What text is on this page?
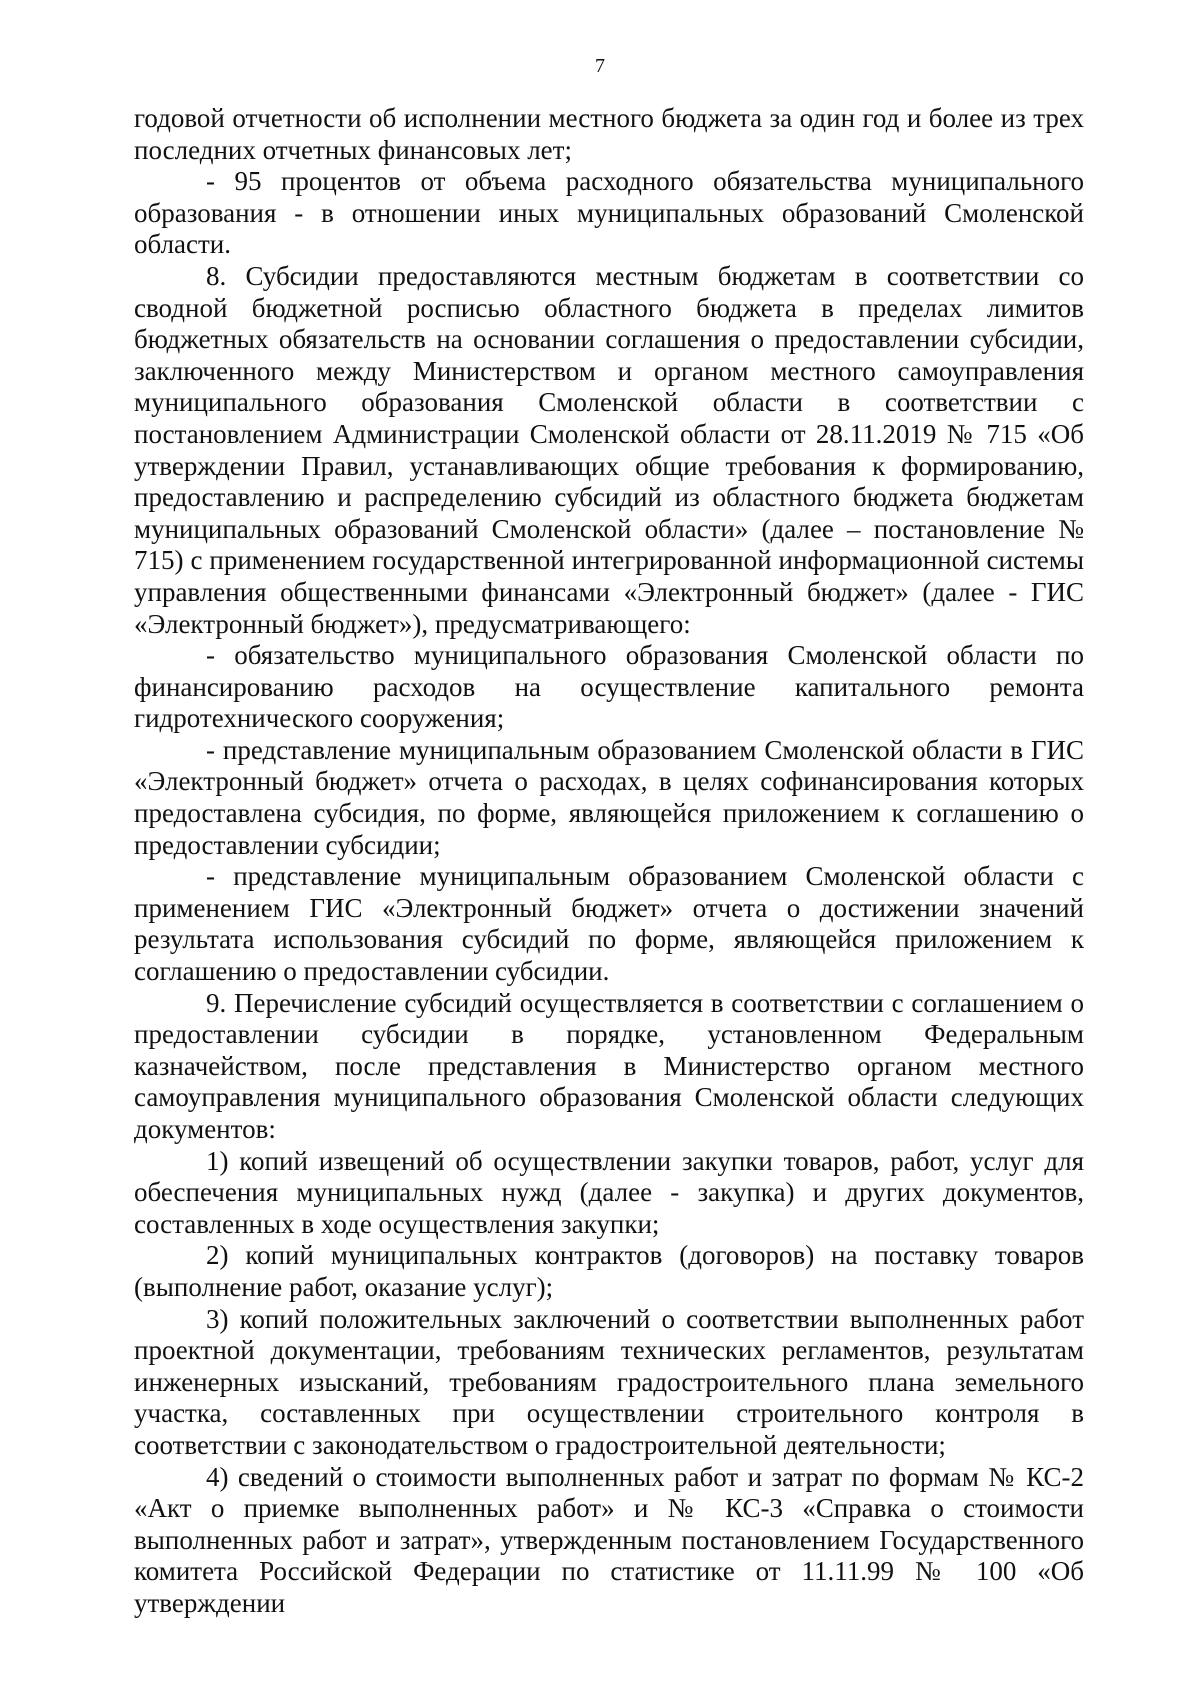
7

годовой отчетности об исполнении местного бюджета за один год и более из трех последних отчетных финансовых лет;

- 95 процентов от объема расходного обязательства муниципального образования - в отношении иных муниципальных образований Смоленской области.

8. Субсидии предоставляются местным бюджетам в соответствии со сводной бюджетной росписью областного бюджета в пределах лимитов бюджетных обязательств на основании соглашения о предоставлении субсидии, заключенного между Министерством и органом местного самоуправления муниципального образования Смоленской области в соответствии с постановлением Администрации Смоленской области от 28.11.2019 № 715 «Об утверждении Правил, устанавливающих общие требования к формированию, предоставлению и распределению субсидий из областного бюджета бюджетам муниципальных образований Смоленской области» (далее – постановление № 715) с применением государственной интегрированной информационной системы управления общественными финансами «Электронный бюджет» (далее - ГИС «Электронный бюджет»), предусматривающего:

- обязательство муниципального образования Смоленской области по финансированию расходов на осуществление капитального ремонта гидротехнического сооружения;

- представление муниципальным образованием Смоленской области в ГИС «Электронный бюджет» отчета о расходах, в целях софинансирования которых предоставлена субсидия, по форме, являющейся приложением к соглашению о предоставлении субсидии;

- представление муниципальным образованием Смоленской области с применением ГИС «Электронный бюджет» отчета о достижении значений результата использования субсидий по форме, являющейся приложением к соглашению о предоставлении субсидии.

9. Перечисление субсидий осуществляется в соответствии с соглашением о предоставлении субсидии в порядке, установленном Федеральным казначейством, после представления в Министерство органом местного самоуправления муниципального образования Смоленской области следующих документов:

1) копий извещений об осуществлении закупки товаров, работ, услуг для обеспечения муниципальных нужд (далее - закупка) и других документов, составленных в ходе осуществления закупки;

2) копий муниципальных контрактов (договоров) на поставку товаров (выполнение работ, оказание услуг);

3) копий положительных заключений о соответствии выполненных работ проектной документации, требованиям технических регламентов, результатам инженерных изысканий, требованиям градостроительного плана земельного участка, составленных при осуществлении строительного контроля в соответствии с законодательством о градостроительной деятельности;

4) сведений о стоимости выполненных работ и затрат по формам № КС-2 «Акт о приемке выполненных работ» и № КС-3 «Справка о стоимости выполненных работ и затрат», утвержденным постановлением Государственного комитета Российской Федерации по статистике от 11.11.99 № 100 «Об утверждении
